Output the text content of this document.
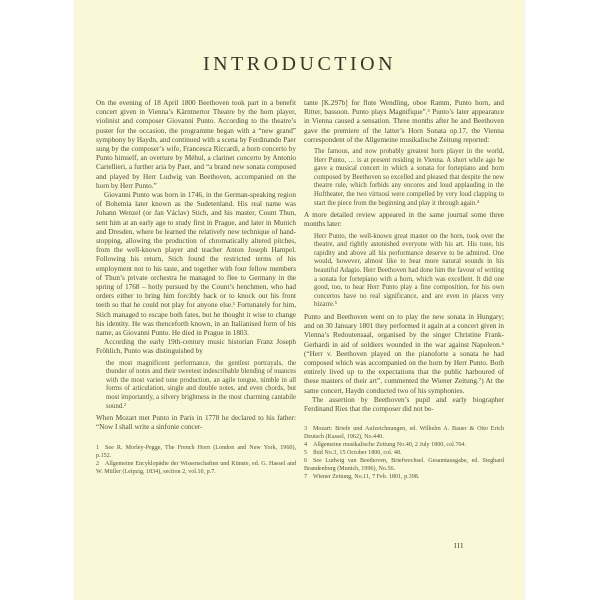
INTRODUCTION

On the evening of 18 April 1800 Beethoven took part in a benefit concert given in Vienna’s Kärntnertor Theatre by the horn player, violinist and composer Giovanni Punto. According to the theatre’s poster for the occasion, the programme began with a “new grand” symphony by Haydn, and continued with a scena by Ferdinando Paer sung by the composer’s wife, Francesca Riccardi, a horn concerto by Punto himself, an overture by Méhul, a clarinet concerto by Antonio Cartellieri, a further aria by Paer, and “a brand new sonata composed and played by Herr Ludwig van Beethoven, accompanied on the horn by Herr Punto.”

Giovanni Punto was born in 1746, in the German-speaking region of Bohemia later known as the Sudetenland. His real name was Johann Wenzel (or Jan Václav) Stich, and his master, Count Thun, sent him at an early age to study first in Prague, and later in Munich and Dresden, where he learned the relatively new technique of hand-stopping, allowing the production of chromatically altered pitches, from the well-known player and teacher Anton Joseph Hampel. Following his return, Stich found the restricted terms of his employment not to his taste, and together with four fellow members of Thun’s private orchestra he managed to flee to Germany in the spring of 1768 – hotly pursued by the Count’s henchmen, who had orders either to bring him forcibly back or to knock out his front teeth so that he could not play for anyone else.¹ Fortunately for him, Stich managed to escape both fates, but he thought it wise to change his identity. He was thenceforth known, in an Italianised form of his name, as Giovanni Punto. He died in Prague in 1803.

According the early 19th-century music historian Franz Joseph Fröhlich, Punto was distinguished by

the most magnificent performance, the gentlest portrayals, the thunder of notes and their sweetest indescribable blending of nuances with the most varied tone production, an agile tongue, nimble in all forms of articulation, single and double notes, and even chords, but most importantly, a silvery brightness in the most charming cantabile sound.²

When Mozart met Punto in Paris in 1778 he declared to his father: “Now I shall write a sinfonie concer-

1 See R. Morley-Pegge, The French Horn (London and New York, 1960), p.152.

2 Allgemeine Encyklopädie der Wissenschaften und Künste, ed. G. Hassel and W. Müller (Leipzig, 1834), section 2, vol.10, p.7.

tante [K.297b] for flute Wendling, oboe Ramm, Punto horn, and Ritter, bassoon. Punto plays Magnifique”.³ Punto’s later appearance in Vienna caused a sensation. Three months after he and Beethoven gave the premiere of the latter’s Horn Sonata op.17, the Vienna correspondent of the Allgemeine musikalische Zeitung reported:

The famous, and now probably greatest horn player in the world, Herr Punto, … is at present residing in Vienna. A short while ago he gave a musical concert in which a sonata for fortepiano and horn composed by Beethoven so excelled and pleased that despite the new theatre rule, which forbids any encores and loud applauding in the Hoftheater, the two virtuosi were compelled by very loud clapping to start the piece from the beginning and play it through again.⁴

A more detailed review appeared in the same journal some three months later:

Herr Punto, the well-known great master on the horn, took over the theatre, and rightly astonished everyone with his art. His tone, his rapidity and above all his performance deserve to be admired. One would, however, almost like to hear more natural sounds in his beautiful Adagio. Herr Beethoven had done him the favour of writing a sonata for fortepiano with a horn, which was excellent. It did one good, too, to hear Herr Punto play a fine composition, for his own concertos have no real significance, and are even in places very bizarre.⁵

Punto and Beethoven went on to play the new sonata in Hungary; and on 30 January 1801 they performed it again at a concert given in Vienna’s Redoutensaal, organised by the singer Christine Frank-Gerhardi in aid of soldiers wounded in the war against Napoleon.⁶ (“Herr v. Beethoven played on the pianoforte a sonata he had composed which was accompanied on the horn by Herr Punto. Both entirely lived up to the expectations that the public harboured of these masters of their art”, commented the Wiener Zeitung.⁷) At the same concert, Haydn conducted two of his symphonies.

The assertion by Beethoven’s pupil and early biographer Ferdinand Ries that the composer did not be-

3 Mozart: Briefe und Aufzeichnungen, ed. Wilhelm A. Bauer & Otto Erich Deutsch (Kassel, 1962), No.440.

4 Allgemeine musikalische Zeitung No.40, 2 July 1800, col.704.

5 Ibid No.3, 15 October 1800, col. 48.

6 See Ludwig van Beethoven, Briefwechsel. Gesamtausgabe, ed. Sieghard Brandenburg (Munich, 1996), No.56.

7 Wiener Zeitung, No.11, 7 Feb. 1801, p.398.

III
